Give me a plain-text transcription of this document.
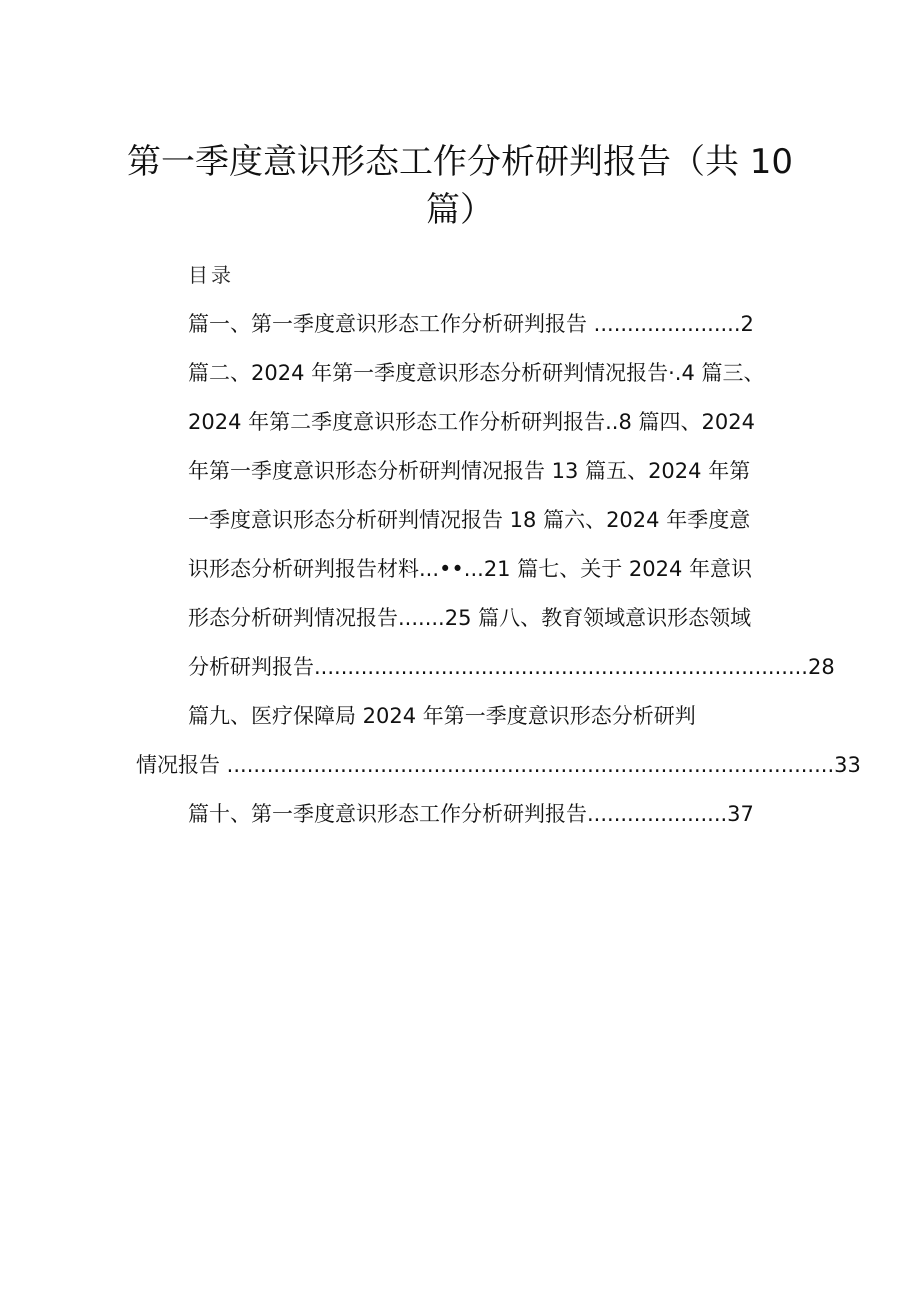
第一季度意识形态工作分析研判报告（共 10
篇）
目录
篇一、第一季度意识形态工作分析研判报告 ......................2
篇二、2024 年第一季度意识形态分析研判情况报告·.4 篇三、
2024 年第二季度意识形态工作分析研判报告..8 篇四、2024
年第一季度意识形态分析研判情况报告 13 篇五、2024 年第
一季度意识形态分析研判情况报告 18 篇六、2024 年季度意
识形态分析研判报告材料...••...21 篇七、关于 2024 年意识
形态分析研判情况报告.......25 篇八、教育领域意识形态领域
分析研判报告..........................................................................28
篇九、医疗保障局 2024 年第一季度意识形态分析研判
情况报告 ...........................................................................................33
篇十、第一季度意识形态工作分析研判报告.....................37
